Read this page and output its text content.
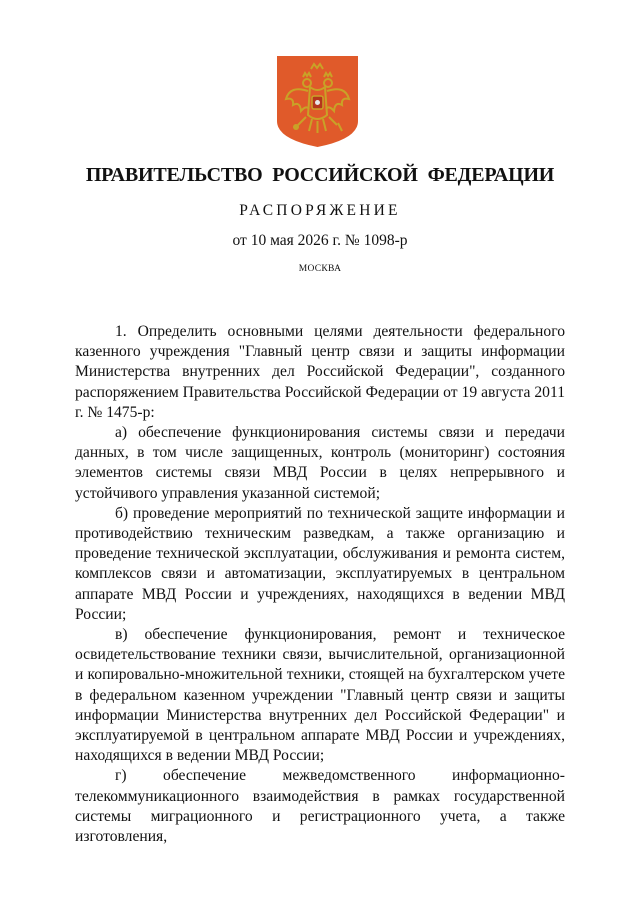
ПРАВИТЕЛЬСТВО РОССИЙСКОЙ ФЕДЕРАЦИИ
РАСПОРЯЖЕНИЕ
от 10 мая 2026 г. № 1098-р
МОСКВА

1. Определить основными целями деятельности федерального казенного учреждения "Главный центр связи и защиты информации Министерства внутренних дел Российской Федерации", созданного распоряжением Правительства Российской Федерации от 19 августа 2011 г. № 1475-р:

а) обеспечение функционирования системы связи и передачи данных, в том числе защищенных, контроль (мониторинг) состояния элементов системы связи МВД России в целях непрерывного и устойчивого управления указанной системой;

б) проведение мероприятий по технической защите информации и противодействию техническим разведкам, а также организацию и проведение технической эксплуатации, обслуживания и ремонта систем, комплексов связи и автоматизации, эксплуатируемых в центральном аппарате МВД России и учреждениях, находящихся в ведении МВД России;

в) обеспечение функционирования, ремонт и техническое освидетельствование техники связи, вычислительной, организационной и копировально-множительной техники, стоящей на бухгалтерском учете в федеральном казенном учреждении "Главный центр связи и защиты информации Министерства внутренних дел Российской Федерации" и эксплуатируемой в центральном аппарате МВД России и учреждениях, находящихся в ведении МВД России;

г) обеспечение межведомственного информационно-телекоммуникационного взаимодействия в рамках государственной системы миграционного и регистрационного учета, а также изготовления,
